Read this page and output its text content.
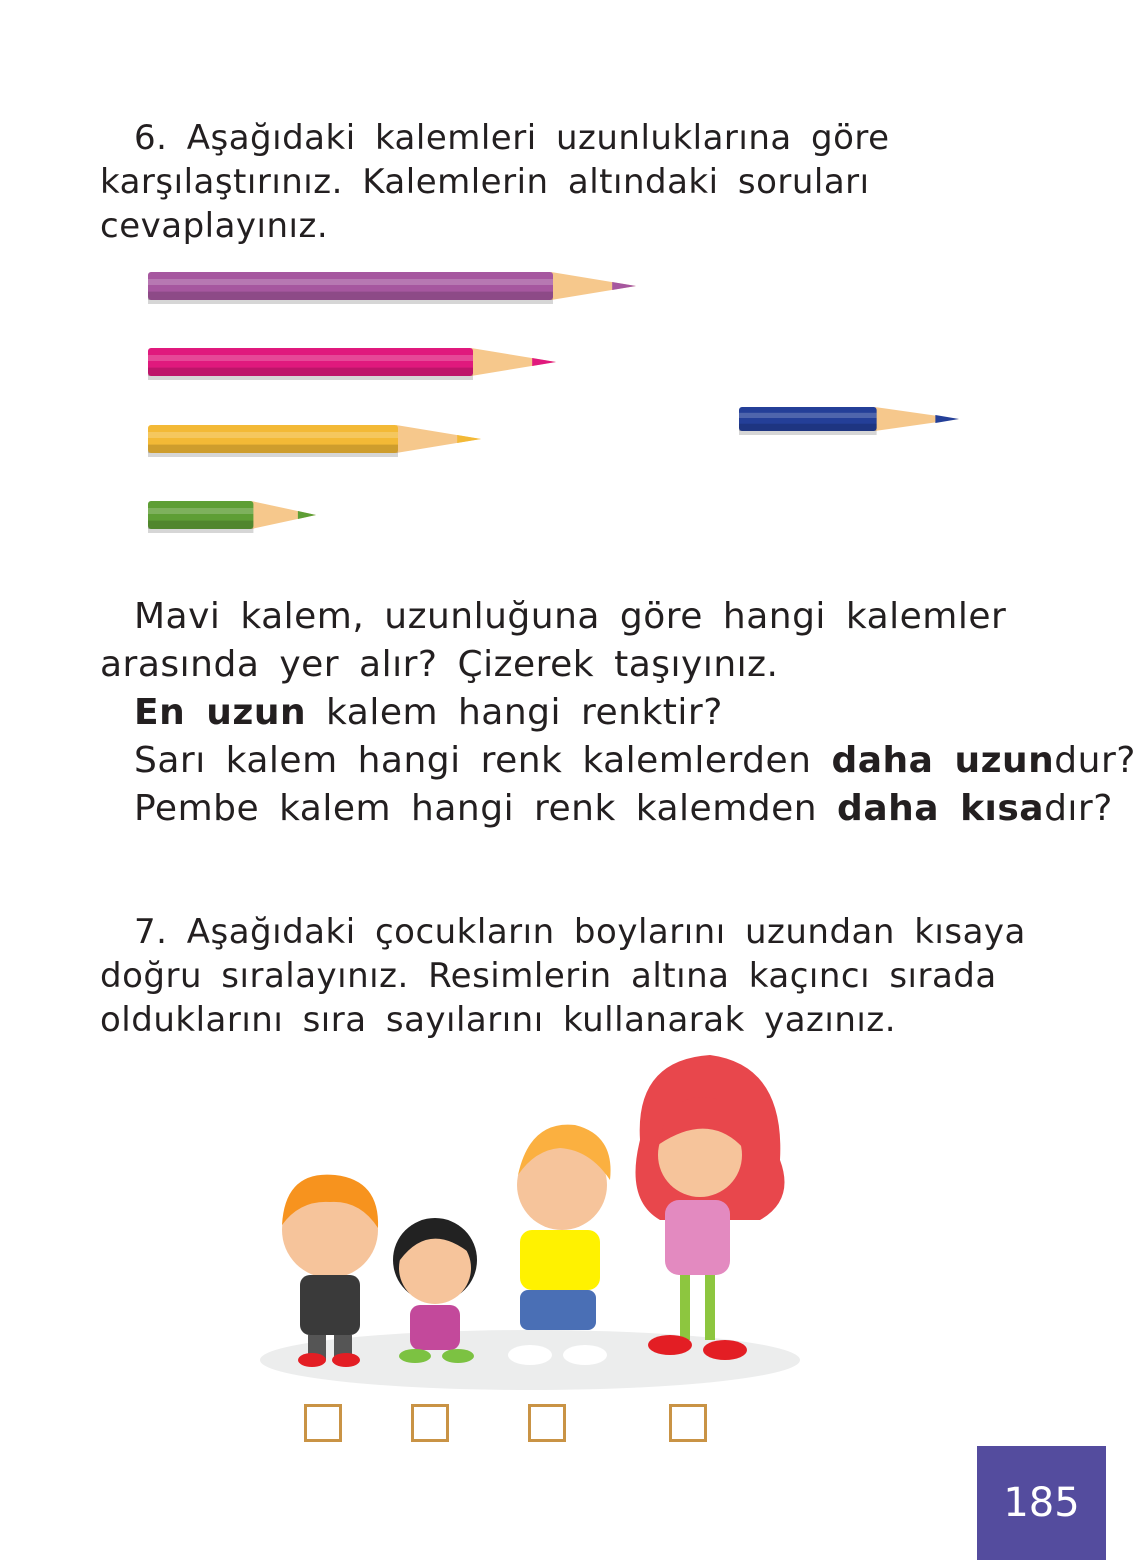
6. Aşağıdaki kalemleri uzunluklarına göre
karşılaştırınız. Kalemlerin altındaki soruları
cevaplayınız.
Mavi kalem, uzunluğuna göre hangi kalemler
arasında yer alır? Çizerek taşıyınız.
En uzun kalem hangi renktir?
Sarı kalem hangi renk kalemlerden daha uzundur?
Pembe kalem hangi renk kalemden daha kısadır?
7. Aşağıdaki çocukların boylarını uzundan kısaya
doğru sıralayınız. Resimlerin altına kaçıncı sırada
olduklarını sıra sayılarını kullanarak yazınız.
185
